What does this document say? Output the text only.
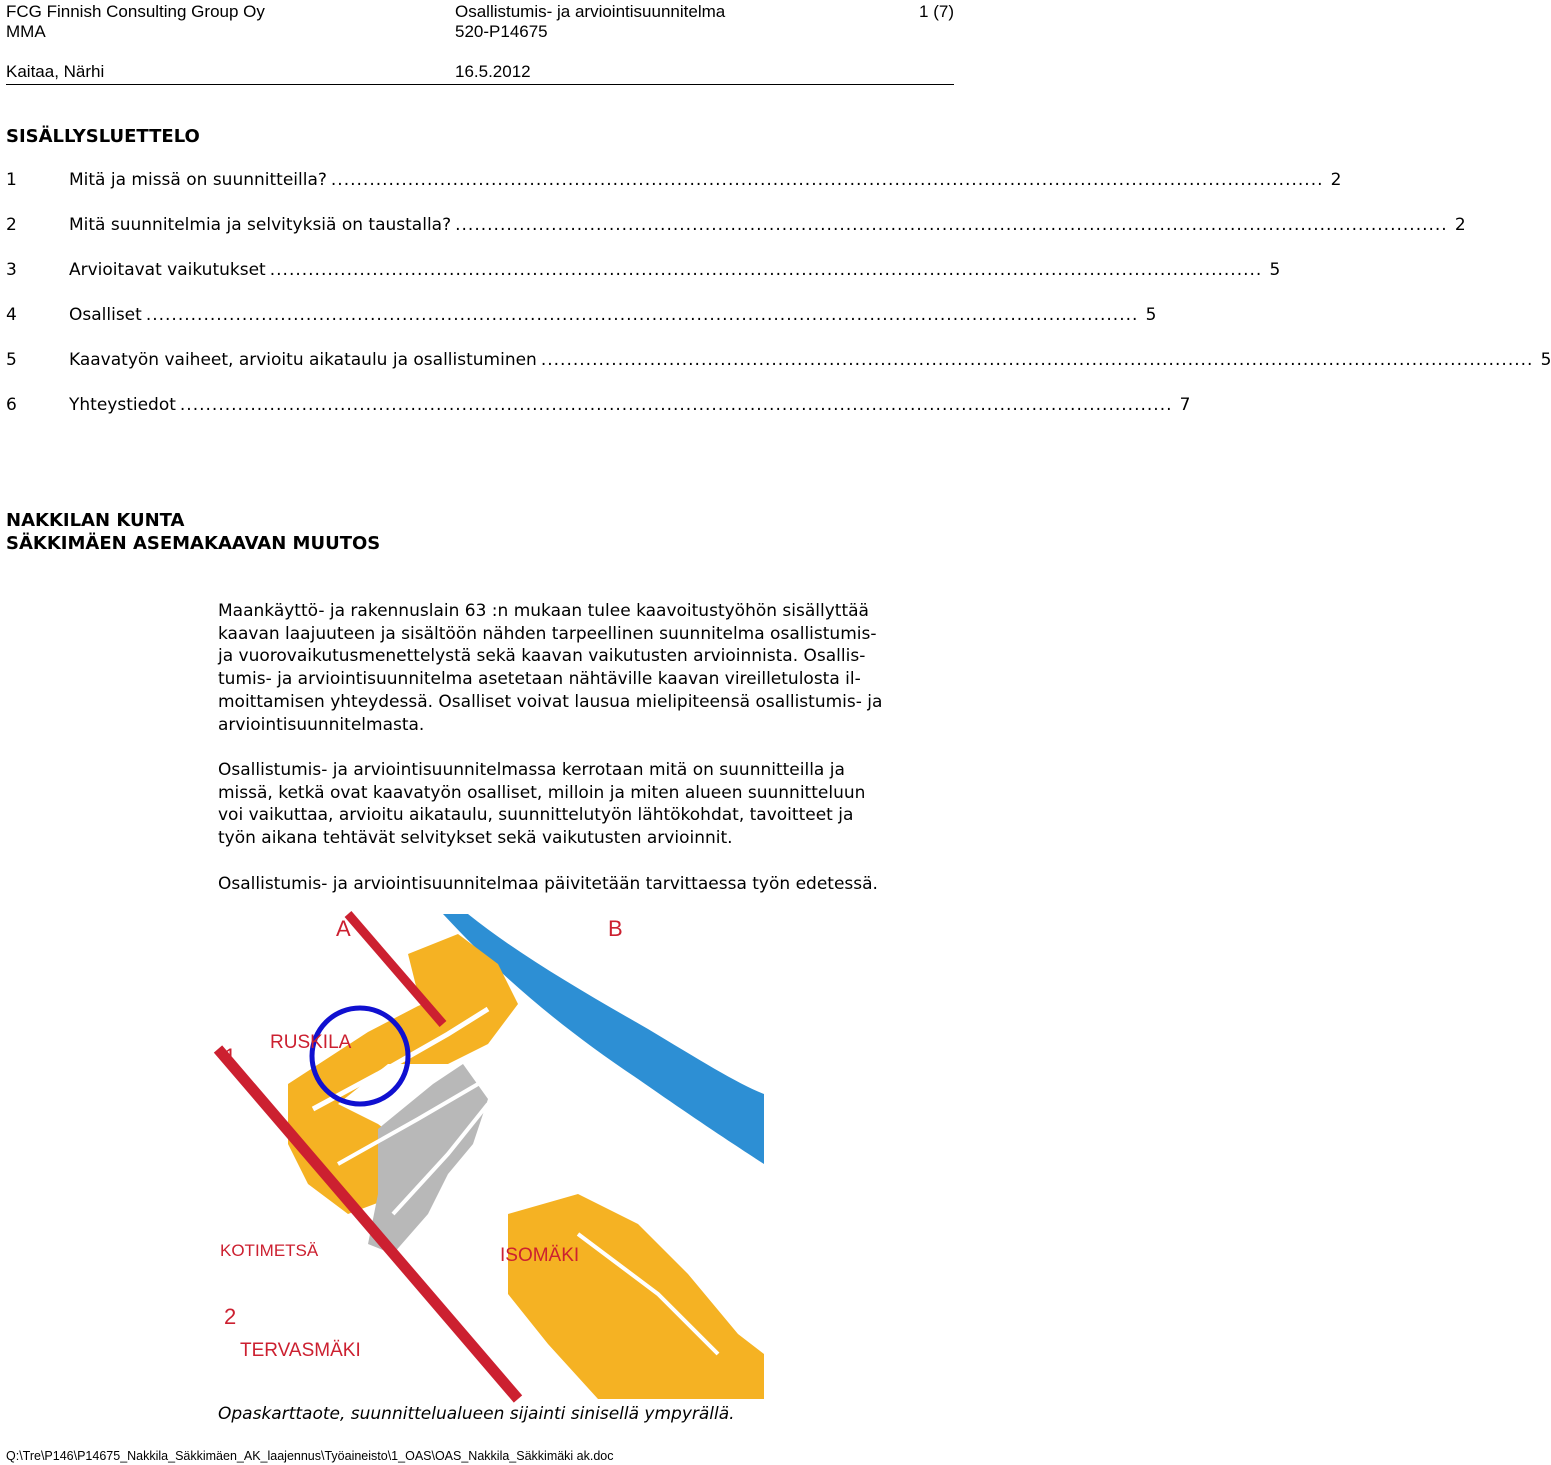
FCG Finnish Consulting Group Oy
MMA
Kaitaa, Närhi
Osallistumis- ja arviointisuunnitelma
520-P14675
16.5.2012
1 (7)
SISÄLLYSLUETTELO
1	Mitä ja missä on suunnitteilla? ........................................................................................................................................................... 2
2	Mitä suunnitelmia ja selvityksiä on taustalla? ........................................................................................................................................................... 2
3	Arvioitavat vaikutukset ........................................................................................................................................................... 5
4	Osalliset ........................................................................................................................................................... 5
5	Kaavatyön vaiheet, arvioitu aikataulu ja osallistuminen ........................................................................................................................................................... 5
6	Yhteystiedot ........................................................................................................................................................... 7
NAKKILAN KUNTA
SÄKKIMÄEN ASEMAKAAVAN MUUTOS
Maankäyttö- ja rakennuslain 63 :n mukaan tulee kaavoitustyöhön sisällyttää
kaavan laajuuteen ja sisältöön nähden tarpeellinen suunnitelma osallistumis-
ja vuorovaikutusmenettelystä sekä kaavan vaikutusten arvioinnista. Osallis-
tumis- ja arviointisuunnitelma asetetaan nähtäville kaavan vireilletulosta il-
moittamisen yhteydessä. Osalliset voivat lausua mielipiteensä osallistumis- ja
arviointisuunnitelmasta.
Osallistumis- ja arviointisuunnitelmassa kerrotaan mitä on suunnitteilla ja
missä, ketkä ovat kaavatyön osalliset, milloin ja miten alueen suunnitteluun
voi vaikuttaa, arvioitu aikataulu, suunnittelutyön lähtökohdat, tavoitteet ja
työn aikana tehtävät selvitykset sekä vaikutusten arvioinnit.
Osallistumis- ja arviointisuunnitelmaa päivitetään tarvittaessa työn edetessä.
A	B
1
2
RUSKILA
KOTIMETSÄ	ISOMÄKI
TERVASMÄKI
Opaskarttaote, suunnittelualueen sijainti sinisellä ympyrällä.
Q:\Tre\P146\P14675_Nakkila_Säkkimäen_AK_laajennus\Työaineisto\1_OAS\OAS_Nakkila_Säkkimäki ak.doc
